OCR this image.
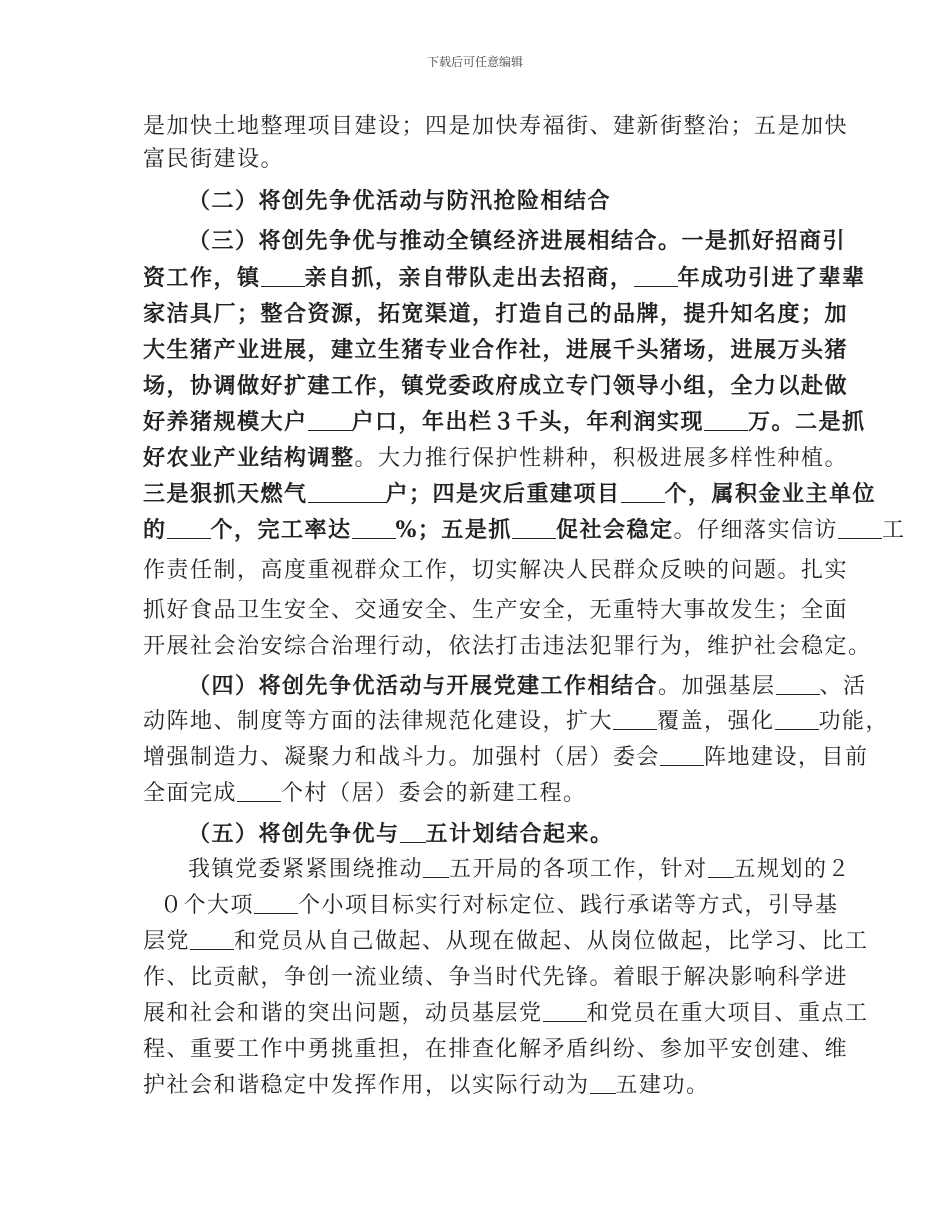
下载后可任意编辑
是加快土地整理项目建设；四是加快寿福街、建新街整治；五是加快
富民街建设。
（二）将创先争优活动与防汛抢险相结合
（三）将创先争优与推动全镇经济进展相结合。一是抓好招商引
资工作，镇 亲自抓，亲自带队走出去招商， 年成功引进了辈辈
家洁具厂；整合资源，拓宽渠道，打造自己的品牌，提升知名度；加
大生猪产业进展，建立生猪专业合作社，进展千头猪场，进展万头猪
场，协调做好扩建工作，镇党委政府成立专门领导小组，全力以赴做
好养猪规模大户 户口，年出栏３千头，年利润实现 万。二是抓
好农业产业结构调整。大力推行保护性耕种，积极进展多样性种植。
三是狠抓天燃气	户；四是灾后重建项目 个，属积金业主单位
的 个，完工率达 %；五是抓 促社会稳定。仔细落实信访 工
作责任制，高度重视群众工作，切实解决人民群众反映的问题。扎实
抓好食品卫生安全、交通安全、生产安全，无重特大事故发生；全面
开展社会治安综合治理行动，依法打击违法犯罪行为，维护社会稳定。
（四）将创先争优活动与开展党建工作相结合。加强基层 、活
动阵地、制度等方面的法律规范化建设，扩大 覆盖，强化 功能，
增强制造力、凝聚力和战斗力。加强村（居）委会 阵地建设，目前
全面完成 个村（居）委会的新建工程。
（五）将创先争优与 五计划结合起来。
我镇党委紧紧围绕推动 五开局的各项工作，针对 五规划的２
０个大项 个小项目标实行对标定位、践行承诺等方式，引导基
层党 和党员从自己做起、从现在做起、从岗位做起，比学习、比工
作、比贡献，争创一流业绩、争当时代先锋。着眼于解决影响科学进
展和社会和谐的突出问题，动员基层党 和党员在重大项目、重点工
程、重要工作中勇挑重担，在排查化解矛盾纠纷、参加平安创建、维
护社会和谐稳定中发挥作用，以实际行动为 五建功。
